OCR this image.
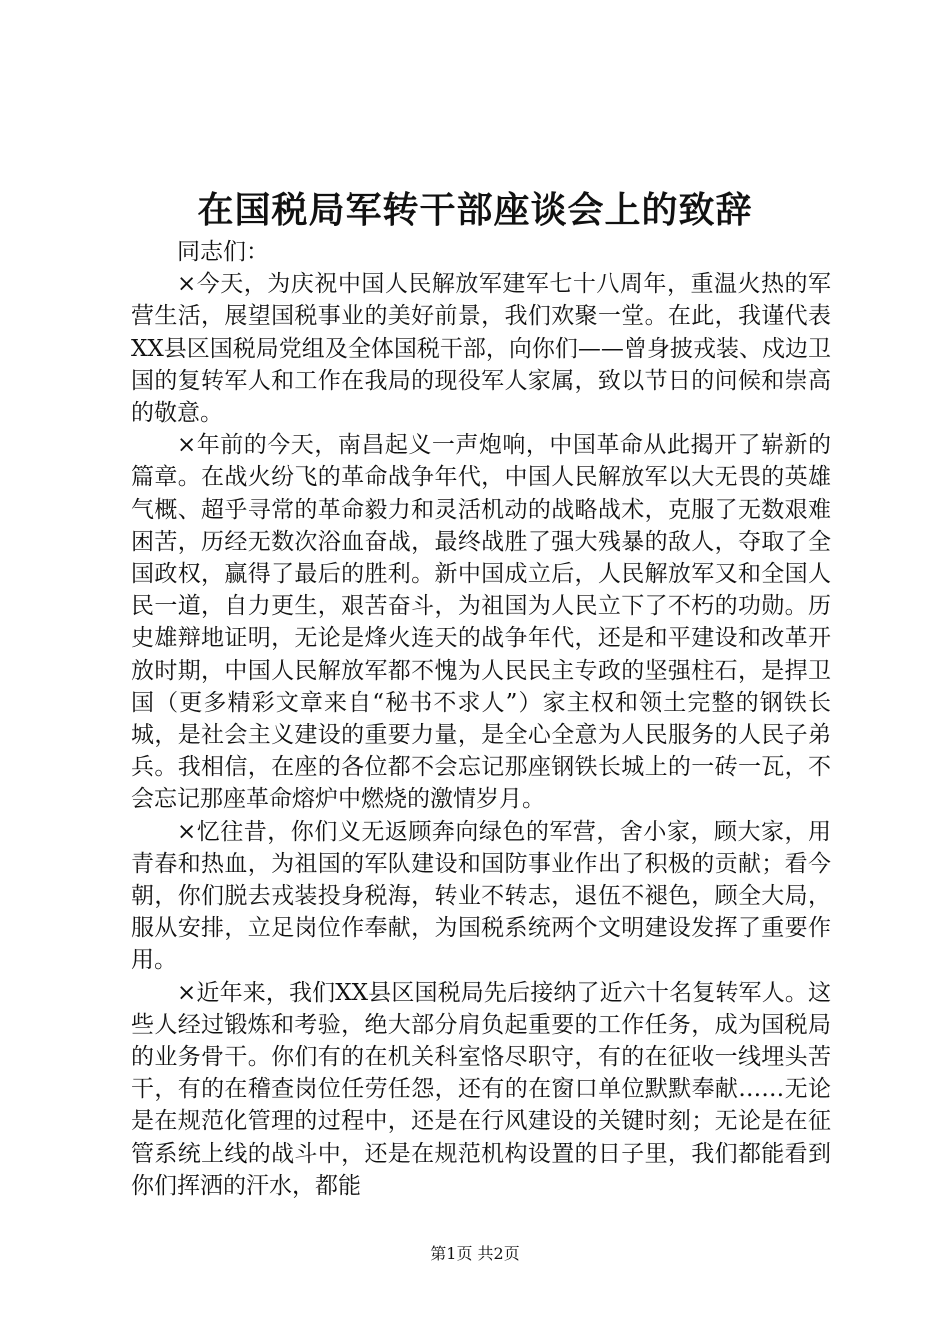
在国税局军转干部座谈会上的致辞

同志们：

×今天，为庆祝中国人民解放军建军七十八周年，重温火热的军营生活，展望国税事业的美好前景，我们欢聚一堂。在此，我谨代表XX县区国税局党组及全体国税干部，向你们——曾身披戎装、戍边卫国的复转军人和工作在我局的现役军人家属，致以节日的问候和崇高的敬意。

×年前的今天，南昌起义一声炮响，中国革命从此揭开了崭新的篇章。在战火纷飞的革命战争年代，中国人民解放军以大无畏的英雄气概、超乎寻常的革命毅力和灵活机动的战略战术，克服了无数艰难困苦，历经无数次浴血奋战，最终战胜了强大残暴的敌人，夺取了全国政权，赢得了最后的胜利。新中国成立后，人民解放军又和全国人民一道，自力更生，艰苦奋斗，为祖国为人民立下了不朽的功勋。历史雄辩地证明，无论是烽火连天的战争年代，还是和平建设和改革开放时期，中国人民解放军都不愧为人民民主专政的坚强柱石，是捍卫国（更多精彩文章来自“秘书不求人”）家主权和领土完整的钢铁长城，是社会主义建设的重要力量，是全心全意为人民服务的人民子弟兵。我相信，在座的各位都不会忘记那座钢铁长城上的一砖一瓦，不会忘记那座革命熔炉中燃烧的激情岁月。

×忆往昔，你们义无返顾奔向绿色的军营，舍小家，顾大家，用青春和热血，为祖国的军队建设和国防事业作出了积极的贡献；看今朝，你们脱去戎装投身税海，转业不转志，退伍不褪色，顾全大局，服从安排，立足岗位作奉献，为国税系统两个文明建设发挥了重要作用。

×近年来，我们XX县区国税局先后接纳了近六十名复转军人。这些人经过锻炼和考验，绝大部分肩负起重要的工作任务，成为国税局的业务骨干。你们有的在机关科室恪尽职守，有的在征收一线埋头苦干，有的在稽查岗位任劳任怨，还有的在窗口单位默默奉献……无论是在规范化管理的过程中，还是在行风建设的关键时刻；无论是在征管系统上线的战斗中，还是在规范机构设置的日子里，我们都能看到你们挥洒的汗水，都能

第1页 共2页
